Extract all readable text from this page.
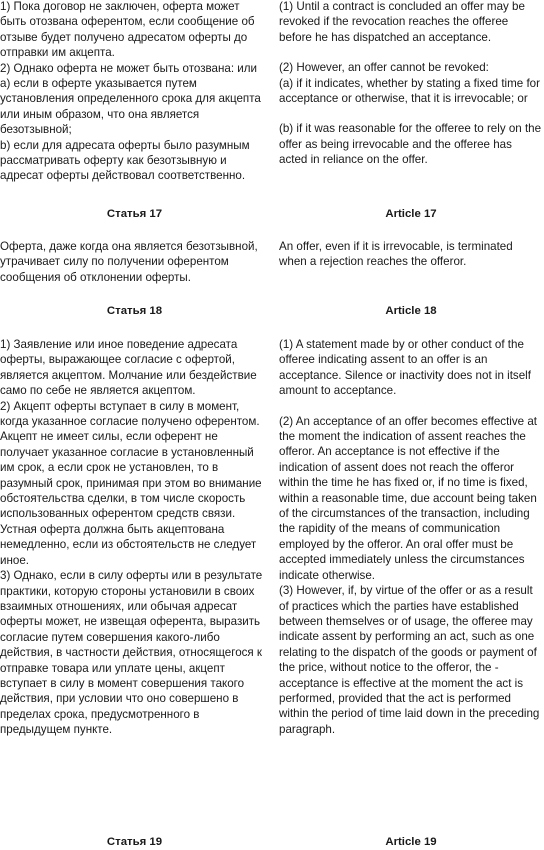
1) Пока договор не заключен, оферта может быть отозвана оферентом, если сообщение об отзыве будет получено адресатом оферты до отправки им акцепта.

2) Однако оферта не может быть отозвана: или

a) если в оферте указывается путем установления определенного срока для акцепта или иным образом, что она является безотзывной;

b) если для адресата оферты было разумным рассматривать оферту как безотзывную и адресат оферты действовал соответственно.

Статья 17

Оферта, даже когда она является безотзывной, утрачивает силу по получении оферентом сообщения об отклонении оферты.

Статья 18

1) Заявление или иное поведение адресата оферты, выражающее согласие с офертой, является акцептом. Молчание или бездействие само по себе не является акцептом.

2) Акцепт оферты вступает в силу в момент, когда указанное согласие получено оферентом. Акцепт не имеет силы, если оферент не получает указанное согласие в установленный им срок, а если срок не установлен, то в разумный срок, принимая при этом во внимание обстоятельства сделки, в том числе скорость использованных оферентом средств связи. Устная оферта должна быть акцептована немедленно, если из обстоятельств не следует иное.

3) Однако, если в силу оферты или в результате практики, которую стороны установили в своих взаимных отношениях, или обычая адресат оферты может, не извещая оферента, выразить согласие путем совершения какого-либо действия, в частности действия, относящегося к отправке товара или уплате цены, акцепт вступает в силу в момент совершения такого действия, при условии что оно совершено в пределах срока, предусмотренного в предыдущем пункте.

Статья 19

(1) Until a contract is concluded an offer may be revoked if the revocation reaches the offeree before he has dispatched an acceptance.

(2) However, an offer cannot be revoked:

(a) if it indicates, whether by stating a fixed time for acceptance or otherwise, that it is irrevocable; or

(b) if it was reasonable for the offeree to rely on the offer as being irrevocable and the offeree has acted in reliance on the offer.

Article 17

An offer, even if it is irrevocable, is terminated when a rejection reaches the offeror.

Article 18

(1) A statement made by or other conduct of the offeree indicating assent to an offer is an acceptance. Silence or inactivity does not in itself amount to acceptance.

(2) An acceptance of an offer becomes effective at the moment the indication of assent reaches the offeror. An acceptance is not effective if the indication of assent does not reach the offeror within the time he has fixed or, if no time is fixed, within a reasonable time, due account being taken of the circumstances of the transaction, including the rapidity of the means of communication employed by the offeror. An oral offer must be accepted immediately unless the circumstances indicate otherwise.

(3) However, if, by virtue of the offer or as a result of practices which the parties have established between themselves or of usage, the offeree may indicate assent by performing an act, such as one relating to the dispatch of the goods or payment of the price, without notice to the offeror, the - acceptance is effective at the moment the act is performed, provided that the act is performed within the period of time laid down in the preceding paragraph.

Article 19
